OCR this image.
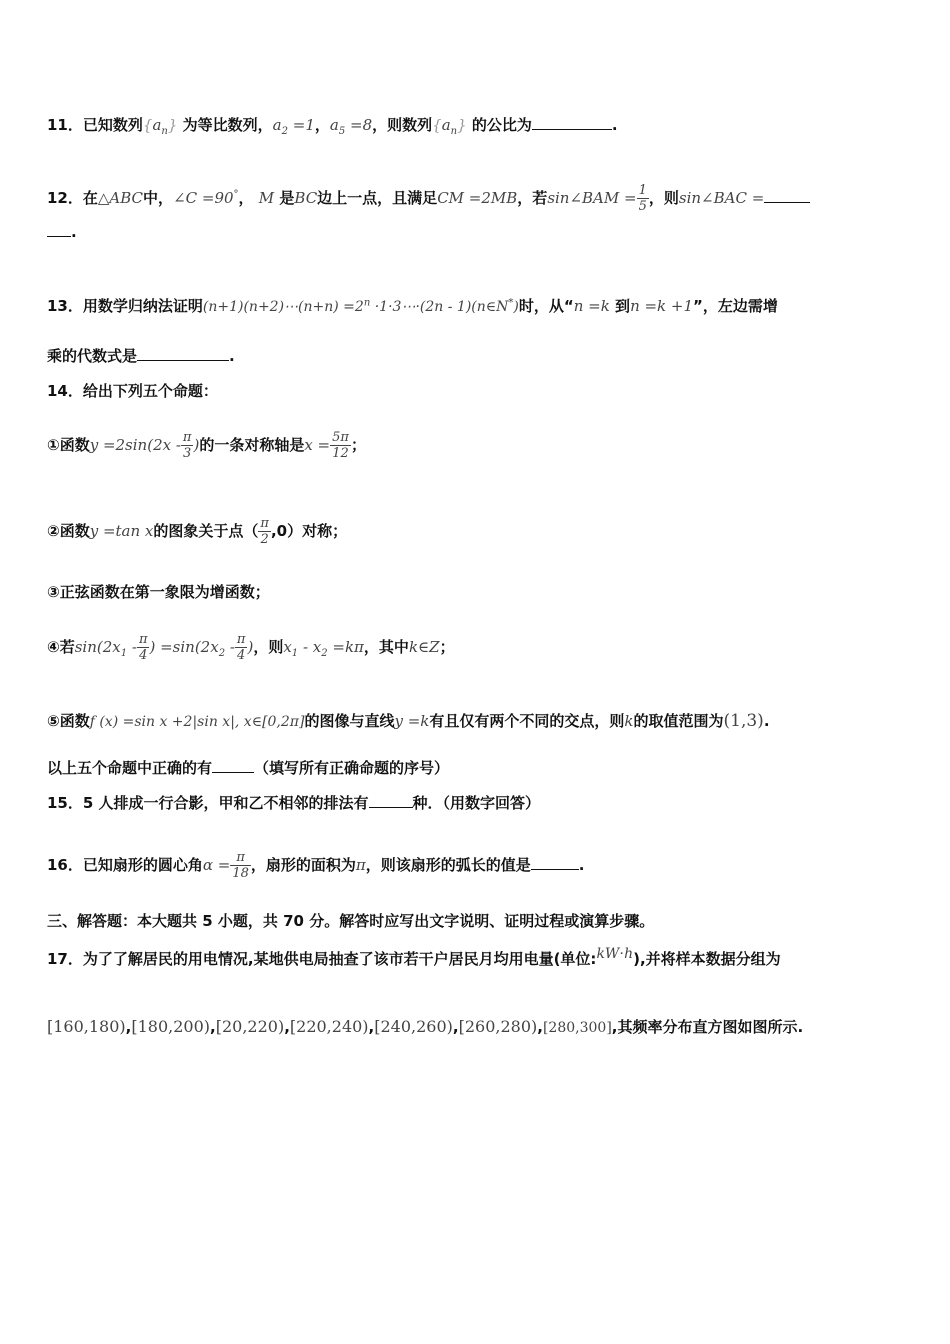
11．已知数列$\{a_n\}$ 为等比数列，$a_2 =1$，$a_5 =8$，则数列$\{a_n\}$ 的公比为	.
12．在△ABC中，∠C =90°， M 是BC边上一点，且满足CM =2MB，若sin∠BAM = $\frac{1}{5}$ ，则sin∠BAC =
.
13．用数学归纳法证明(n+1)(n+2)⋯(n+n) $=2^n$ ·1·3⋯·(2n - 1)(n∈N*)时，从“n =k 到n =k +1”，左边需增
乘的代数式是	.
14．给出下列五个命题：
①函数$y =2\sin(2x - \frac{\pi}{3}$ )的一条对称轴是$x = \frac{5\pi}{12}$ ；
②函数y =tan x的图象关于点（ $\frac{\pi}{2} ,0$）对称；
③正弦函数在第一象限为增函数；
④若$\sin(2x_1 - \frac{\pi}{4}$ ) $=\sin(2x_2 - \frac{\pi}{4}$ )，则$x_1 - x_2 =k\pi$，其中k∈Z；
⑤函数f (x) =sin x +2|sin x|, x∈[0,2π]的图像与直线y =k有且仅有两个不同的交点，则k的取值范围为(1,3).
以上五个命题中正确的有	（填写所有正确命题的序号）
15．5 人排成一行合影，甲和乙不相邻的排法有	种．（用数字回答）
16．已知扇形的圆心角$\alpha = \frac{\pi}{18}$ ，扇形的面积为π，则该扇形的弧长的值是	.
三、解答题：本大题共 5 小题，共 70 分。解答时应写出文字说明、证明过程或演算步骤。
17．为了了解居民的用电情况,某地供电局抽查了该市若干户居民月均用电量(单位:kW⋅h),并将样本数据分组为
[160,180),[180,200),[20,220),[220,240),[240,260),[260,280),[280,300],其频率分布直方图如图所示.
